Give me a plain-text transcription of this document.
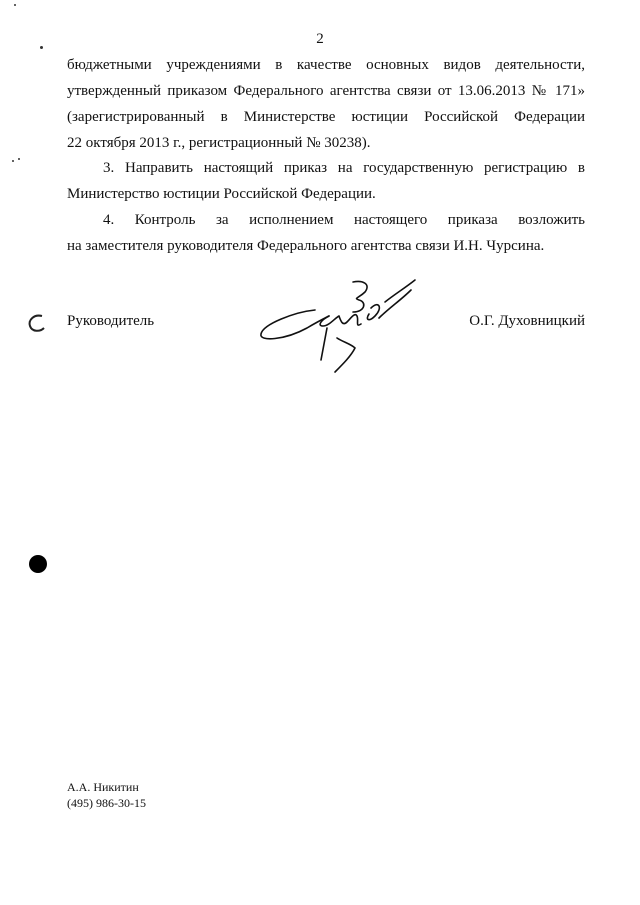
2
бюджетными учреждениями в качестве основных видов деятельности,
утвержденный приказом Федерального агентства связи от 13.06.2013 № 171»
(зарегистрированный в Министерстве юстиции Российской Федерации
22 октября 2013 г., регистрационный № 30238).
3. Направить настоящий приказ на государственную регистрацию в
Министерство юстиции Российской Федерации.
4. Контроль за исполнением настоящего приказа возложить
на заместителя руководителя Федерального агентства связи И.Н. Чурсина.
Руководитель	О.Г. Духовницкий
А.А. Никитин
(495) 986-30-15
